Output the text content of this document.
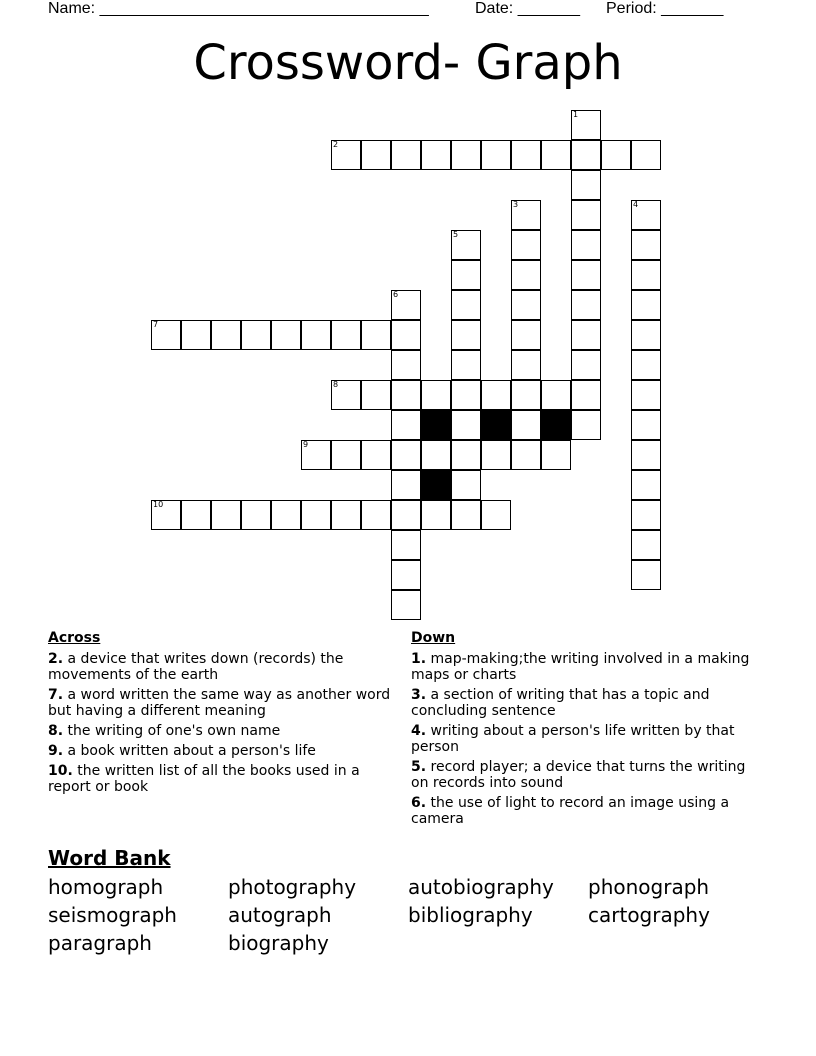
Name: _____________________________________	Date: _______ Period: _______
Crossword- Graph
2
7
8
9
10
1
3	4
5
6
Across
2. a device that writes down (records) the movements of the earth
7. a word written the same way as another word but having a different meaning
8. the writing of one's own name
9. a book written about a person's life
10. the written list of all the books used in a report or book
Down
1. map-making;the writing involved in a making maps or charts
3. a section of writing that has a topic and concluding sentence
4. writing about a person's life written by that person
5. record player; a device that turns the writing on records into sound
6. the use of light to record an image using a camera
Word Bank
homograph	photography	autobiography phonograph
seismograph	autograph	bibliography	cartography
paragraph	biography
